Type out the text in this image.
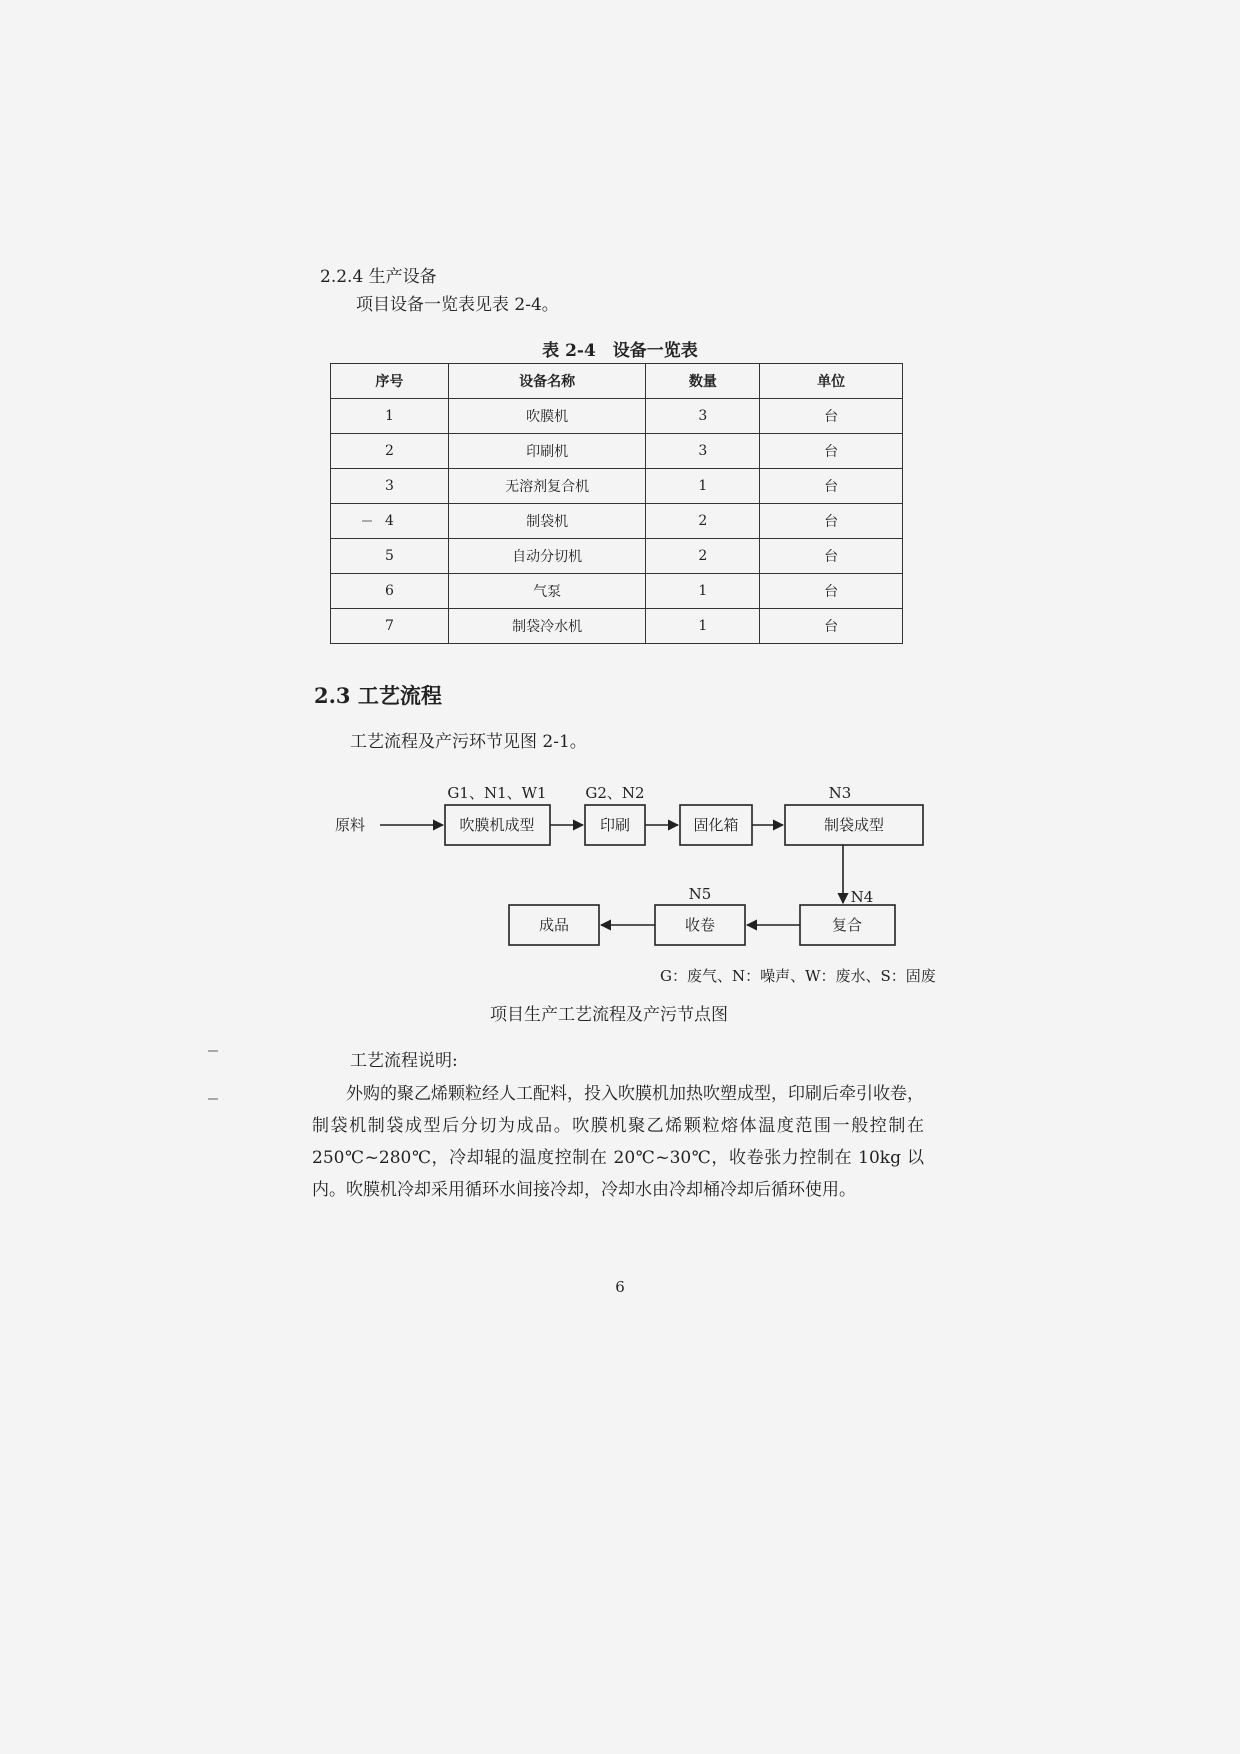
2.2.4 生产设备
项目设备一览表见表 2-4。
表 2-4　设备一览表
序号	设备名称	数量	单位
1	吹膜机	3	台
2	印刷机	3	台
3	无溶剂复合机	1	台
4	制袋机	2	台
5	自动分切机	2	台
6	气泵	1	台
7	制袋冷水机	1	台
2.3 工艺流程
工艺流程及产污环节见图 2-1。
原料	吹膜机成型	印刷	固化箱	制袋成型
复合
收卷
成品
G1、N1、W1	G2、N2	N3
N4
N5
G：废气、N：噪声、W：废水、S：固废
项目生产工艺流程及产污节点图
工艺流程说明:
外购的聚乙烯颗粒经人工配料，投入吹膜机加热吹塑成型，印刷后牵引收卷，制袋机制袋成型后分切为成品。吹膜机聚乙烯颗粒熔体温度范围一般控制在250℃~280℃，冷却辊的温度控制在 20℃~30℃，收卷张力控制在 10kg 以内。吹膜机冷却采用循环水间接冷却，冷却水由冷却桶冷却后循环使用。
6
